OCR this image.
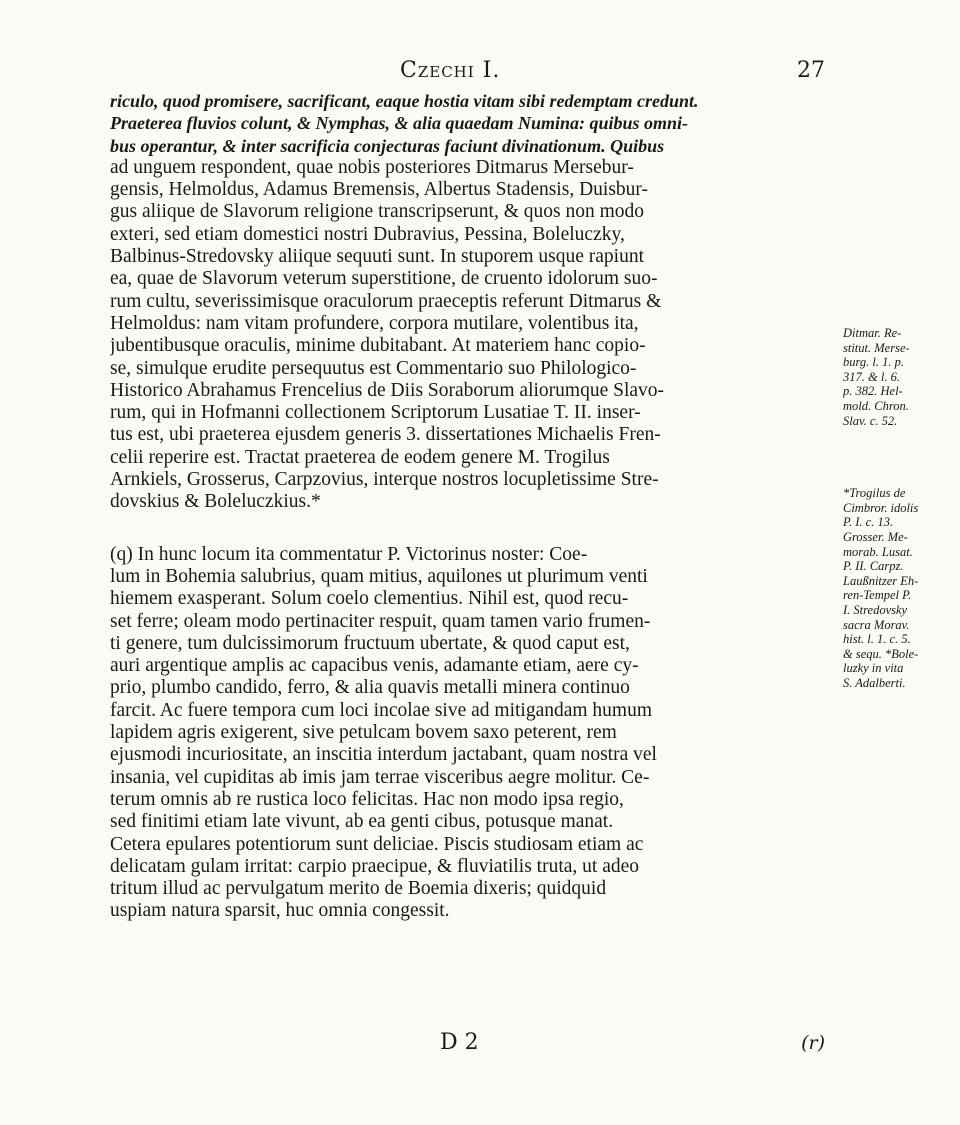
Czechi I.	27
riculo, quod promisere, sacrificant, eaque hostia vitam sibi redemptam credunt.
Praeterea fluvios colunt, & Nymphas, & alia quaedam Numina: quibus omni-
bus operantur, & inter sacrificia conjecturas faciunt divinationum. Quibus
ad unguem respondent, quae nobis posteriores Ditmarus Mersebur-
gensis, Helmoldus, Adamus Bremensis, Albertus Stadensis, Duisbur-
gus aliique de Slavorum religione transcripserunt, & quos non modo
exteri, sed etiam domestici nostri Dubravius, Pessina, Boleluczky,
Balbinus-Stredovsky aliique sequuti sunt. In stuporem usque rapiunt
ea, quae de Slavorum veterum superstitione, de cruento idolorum suo-
rum cultu, severissimisque oraculorum praeceptis referunt Ditmarus &
Helmoldus: nam vitam profundere, corpora mutilare, volentibus ita,
jubentibusque oraculis, minime dubitabant. At materiem hanc copio-
se, simulque erudite persequutus est Commentario suo Philologico-
Historico Abrahamus Frencelius de Diis Soraborum aliorumque Slavo-
rum, qui in Hofmanni collectionem Scriptorum Lusatiae T. II. inser-
tus est, ubi praeterea ejusdem generis 3. dissertationes Michaelis Fren-
celii reperire est. Tractat praeterea de eodem genere M. Trogilus
Arnkiels, Grosserus, Carpzovius, interque nostros locupletissime Stre-
dovskius & Boleluczkius.*
(q) In hunc locum ita commentatur P. Victorinus noster: Coe-
lum in Bohemia salubrius, quam mitius, aquilones ut plurimum venti
hiemem exasperant. Solum coelo clementius. Nihil est, quod recu-
set ferre; oleam modo pertinaciter respuit, quam tamen vario frumen-
ti genere, tum dulcissimorum fructuum ubertate, & quod caput est,
auri argentique amplis ac capacibus venis, adamante etiam, aere cy-
prio, plumbo candido, ferro, & alia quavis metalli minera continuo
farcit. Ac fuere tempora cum loci incolae sive ad mitigandam humum
lapidem agris exigerent, sive petulcam bovem saxo peterent, rem
ejusmodi incuriositate, an inscitia interdum jactabant, quam nostra vel
insania, vel cupiditas ab imis jam terrae visceribus aegre molitur. Ce-
terum omnis ab re rustica loco felicitas. Hac non modo ipsa regio,
sed finitimi etiam late vivunt, ab ea genti cibus, potusque manat.
Cetera epulares potentiorum sunt deliciae. Piscis studiosam etiam ac
delicatam gulam irritat: carpio praecipue, & fluviatilis truta, ut adeo
tritum illud ac pervulgatum merito de Boemia dixeris; quidquid
uspiam natura sparsit, huc omnia congessit.
Ditmar. Re-
stitut. Merse-
burg. l. 1. p.
317. & l. 6.
p. 382. Hel-
mold. Chron.
Slav. c. 52.
*Trogilus de
Cimbror. idolis
P. I. c. 13.
Grosser. Me-
morab. Lusat.
P. II. Carpz.
Laußnitzer Eh-
ren-Tempel P.
I. Stredovsky
sacra Morav.
hist. l. 1. c. 5.
& sequ. *Bole-
luzky in vita
S. Adalberti.
D 2	(r)
